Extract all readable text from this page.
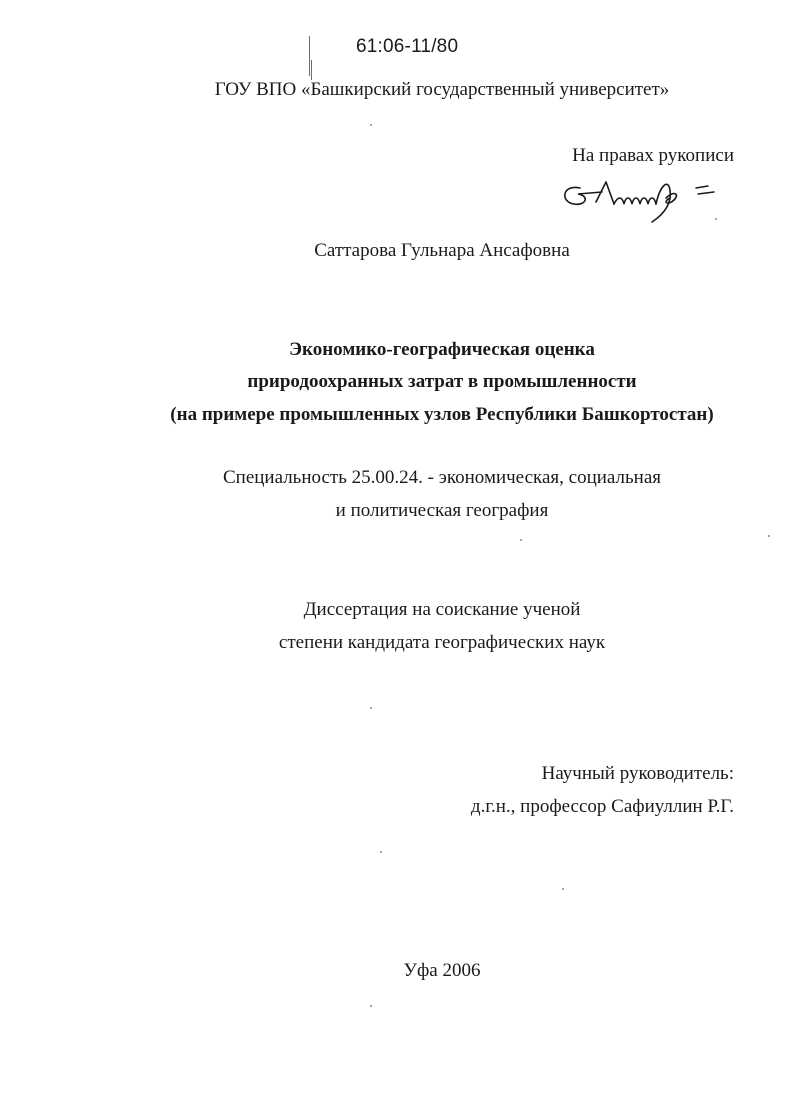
61:06-11/80
ГОУ ВПО «Башкирский государственный университет»
На правах рукописи
Саттарова Гульнара Ансафовна
Экономико-географическая оценка
природоохранных затрат в промышленности
(на примере промышленных узлов Республики Башкортостан)
Специальность 25.00.24. - экономическая, социальная
и политическая география
Диссертация на соискание ученой
степени кандидата географических наук
Научный руководитель:
д.г.н., профессор Сафиуллин Р.Г.
Уфа 2006
